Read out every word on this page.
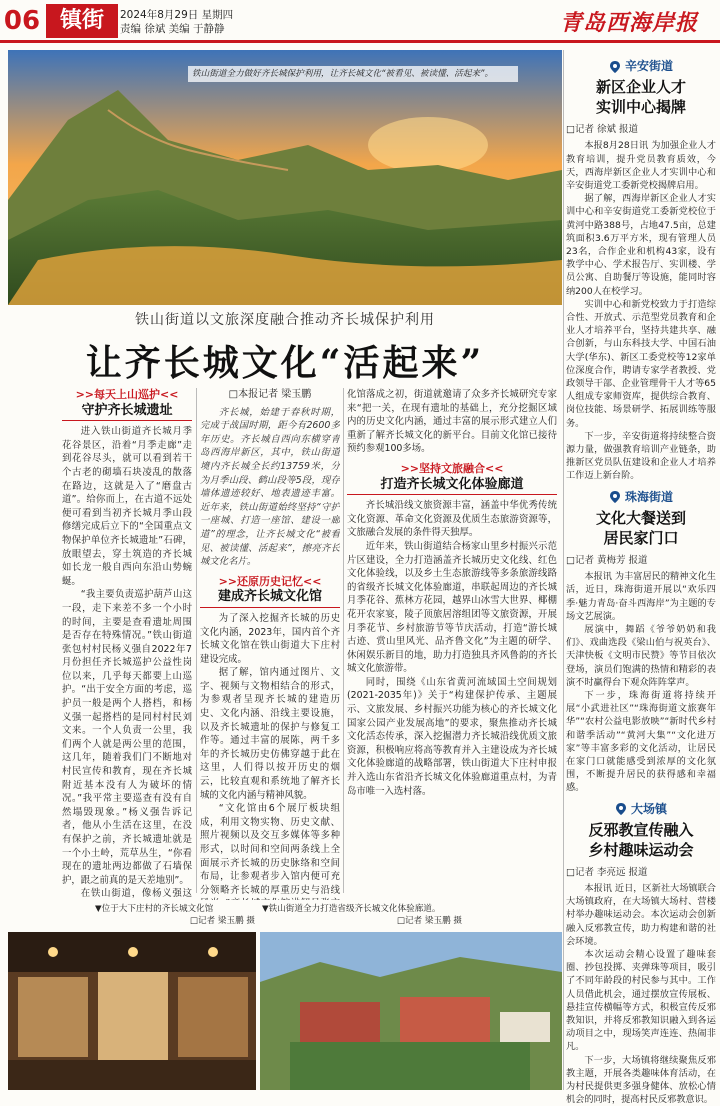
06 镇街	2024年8月29日 星期四
责编 徐斌 美编 于静静	青岛西海岸报
铁山街道全力做好齐长城保护利用，让齐长城文化“被看见、被读懂、活起来”。
铁山街道以文旅深度融合推动齐长城保护利用
让齐长城文化“活起来”
>>每天上山巡护<<
守护齐长城遗址

进入铁山街道齐长城月季花谷景区，沿着“月季走廊”走到花谷尽头，就可以看到若干个古老的砌墙石块凌乱的散落在路边，这就是入了“磨盘古道”。给你而上，在古道不远处便可看到当初齐长城月季山段修缮完成后立下的“全国重点文物保护单位齐长城遗址”石碑，放眼望去，穿土筑造的齐长城如长龙一般自西向东沿山势蜿蜒。

“我主要负责巡护葫芦山这一段，走下来差不多一个小时的时间，主要是查看遗址周围是否存在特殊情况。”铁山街道张包村村民杨义强自2022年7月份担任齐长城巡护公益性岗位以来，几乎每天都要上山巡护。“出于安全方面的考虑，巡护员一般是两个人搭档，和杨义强一起搭档的是同村村民刘文来。一个人负责一公里，我们两个人就是两公里的范围，这几年，随着我们门不断地对村民宣传和教育，现在齐长城附近基本没有人为破坏的情况。”我平常主要巡查有没有自然塌毁现象。”杨义强告诉记者，他从小生活在这里，在没有保护之前，齐长城遗址就是一个小土岭，荒草丛生，“你看现在的遗址两边都做了石墙保护，跟之前真的是天差地别”。

在铁山街道，像杨义强这

□本报记者 梁玉鹏
齐长城，始建于春秋时期，完成于战国时期，距今有2600多年历史。齐长城自西向东横穿青岛西海岸新区，其中，铁山街道境内齐长城全长约13759米，分为月季山段、鹤山段等5段，现存墙体遗迹较好、地表遗迹丰富。近年来，铁山街道始终坚持“守护一座城、打造一座馆、建设一廊道”的理念，让齐长城文化“被看见、被读懂、活起来”，擦亮齐长城文化名片。
>>还原历史记忆<<
建成齐长城文化馆

为了深入挖掘齐长城的历史文化内涵，2023年，国内首个齐长城文化馆在铁山街道大下庄村建设完成。

据了解，馆内通过图片、文字、视频与文物相结合的形式，为参观者呈现齐长城的建造历史、文化内涵、沿线主要设施，以及齐长城遗址的保护与修复工作等。通过丰富的展陈，两千多年的齐长城历史仿佛穿越于此在这里，人们得以按开历史的烟云，比较直观和系统地了解齐长城的文化内涵与精神风貌。

“文化馆由6个展厅板块组成，利用文物实物、历史文献、照片视频以及交互多媒体等多种形式，以时间和空间两条线上全面展示齐长城的历史脉络和空间布局，让参观者步入馆内便可充分领略齐长城的厚重历史与沿线

化馆落成之初，街道就邀请了众多齐长城研究专家来“把一关，在现有遗址的基础上，充分挖掘区域内的历史文化内涵，通过丰富的展示形式建立人们重新了解齐长城文化的新平台。目前文化馆已接待预约参观100多场。

>>坚持文旅融合<<
打造齐长城文化体验廊道

齐长城沿线文旅资源丰富，涵盖中华优秀传统文化资源、革命文化资源及优质生态旅游资源等，文旅融合发展的条件得天独厚。

近年来，铁山街道结合杨家山里乡村振兴示范片区建设，全力打造涵盖齐长城历史文化线、红色文化体验线，以及乡土生态旅游线等多条旅游线路的省级齐长城文化体验廊道，串联起周边的齐长城月季花谷、蕉林方花园，越界山冰雪大世界、椰棚花开农家宴，陵子顶旅居溶组团等文旅资源，开展月季花节、乡村旅游节等节庆活动，打造“游长城古迹、赏山里风光、品齐鲁文化”为主题的研学、休闲娱乐新目的地，助力打造独具齐风鲁韵的齐长城文化旅游带。

同时，围绕《山东省黄河流域国土空间规划(2021-2035年)》关于“构建保护传承、主题展示、文旅发展、乡村振兴功能为核心的齐长城文化国家公园产业发展高地”的要求，聚焦推动齐长城文化活态传承，深入挖掘潜力齐长城沿线优质文旅资源，积极响应将高等教育并入主建设成为齐长城文化体验廊道的战略部署，铁山街道大下庄村申报并入选山东省沿齐长城文化体验廊道重点村，为青岛市唯一入选村落。

▼位于大下庄村的齐长城文化馆
□记者 梁玉鹏 摄
▼铁山街道全力打造省级齐长城文化体验廊道。
□记者 梁玉鹏 摄
辛安街道
新区企业人才
实训中心揭牌
□记者 徐斌 报道

本报8月28日讯 为加强企业人才教育培训，提升党员教育质效，今天，西海岸新区企业人才实训中心和辛安街道党工委新党校揭牌启用。

据了解，西海岸新区企业人才实训中心和辛安街道党工委新党校位于黄河中路388号，占地47.5亩，总建筑面积3.6万平方米，现有管理人员23名，合作企业和机构43家，设有教学中心、学术报告厅、实训楼、学员公寓、自助餐厅等设施，能同时容纳200人在校学习。

实训中心和新党校致力于打造综合性、开放式、示范型党员教育和企业人才培养平台，坚持共建共享、融合创新，与山东科技大学、中国石油大学(华东)、新区工委党校等12家单位深度合作，聘请专家学者教授、党政领导干部、企业管理骨干人才等65人组成专家师资库，提供综合教育、岗位技能、场景研学、拓展训练等服务。

下一步，辛安街道将持续整合资源力量，做强教育培训产业链条，助推新区党员队伍建设和企业人才培养工作迈上新台阶。

珠海街道
文化大餐送到
居民家门口
□记者 黄梅芳 报道

本报讯 为丰富居民的精神文化生活，近日，珠海街道开展以“欢乐四季·魅力青岛·奋斗西海岸”为主题的专场文艺展演。

展演中，舞蹈《爷爷奶奶和我们》、戏曲选段《梁山伯与祝英台》、天津快板《文明市民赞》等节目依次登场，演员们饱满的热情和精彩的表演不时赢得台下观众阵阵掌声。

下一步，珠海街道将持续开展“小武进社区”“珠海街道文旅赛年华”“农村公益电影放映”“新时代乡村和谐季活动”“黄河大集”“文化进万家”等丰富多彩的文化活动，让居民在家门口就能感受到浓厚的文化氛围，不断提升居民的获得感和幸福感。

大场镇
反邪教宣传融入
乡村趣味运动会
□记者 李亮远 报道

本报讯 近日，区新社大场镇联合大场镇政府，在大场镇大场村、营楼村举办趣味运动会。本次运动会创新融入反邪教宣传，助力构建和谐的社会环境。

本次运动会精心设置了趣味套圈、抄包投掷、夹弹珠等项目，吸引了不同年龄段的村民参与其中。工作人员借此机会，通过摆放宣传展板、悬挂宣传横幅等方式，积极宣传反邪教知识，并将反邪教知识融入到各运动项目之中，现场笑声连连、热闹非凡。

下一步，大场镇将继续聚焦反邪教主题，开展各类趣味体育活动，在为村民提供更多强身健体、放松心情机会的同时，提高村民反邪教意识。
